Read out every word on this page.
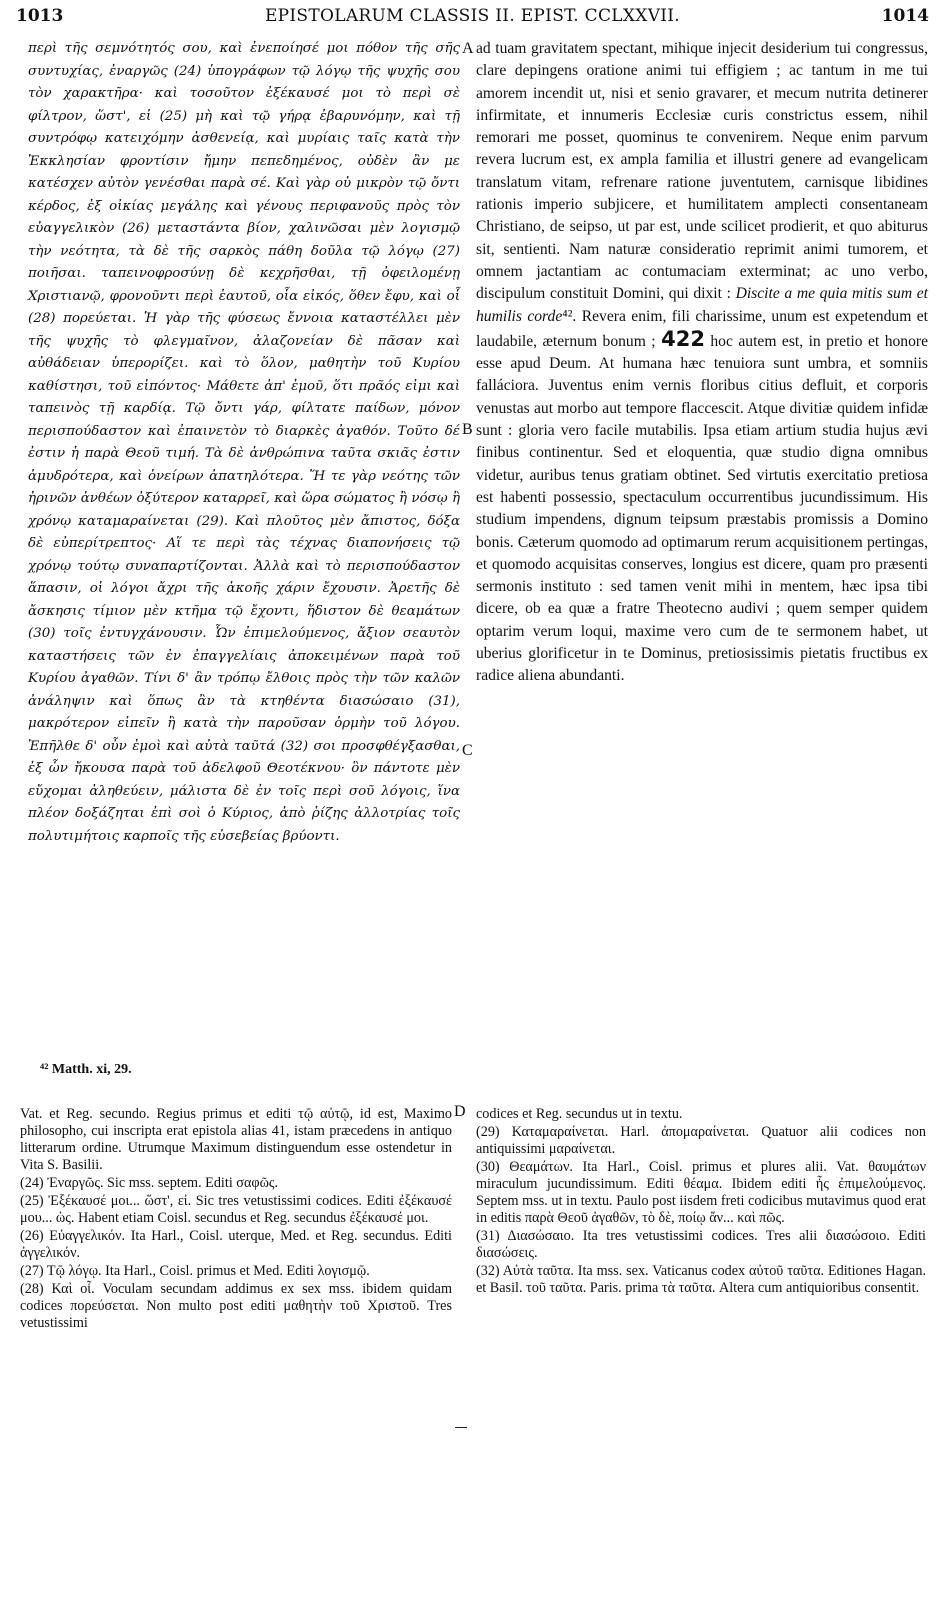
1013	EPISTOLARUM CLASSIS II. EPIST. CCLXXVII.	1014

περὶ τῆς σεμνότητός σου, καὶ ἐνεποίησέ μοι πόθον τῆς σῆς συντυχίας, ἐναργῶς (24) ὑπογράφων τῷ λόγῳ τῆς ψυχῆς σου τὸν χαρακτῆρα· καὶ τοσοῦτον ἐξέκαυσέ μοι τὸ περὶ σὲ φίλτρον, ὥστ', εἰ (25) μὴ καὶ τῷ γήρᾳ ἐβαρυνόμην, καὶ τῇ συντρόφῳ κατειχόμην ἀσθενείᾳ, καὶ μυρίαις ταῖς κατὰ τὴν Ἐκκλησίαν φροντίσιν ἤμην πεπεδημένος, οὐδὲν ἂν με κατέσχεν αὐτὸν γενέσθαι παρὰ σέ. Καὶ γὰρ οὐ μικρὸν τῷ ὄντι κέρδος, ἐξ οἰκίας μεγάλης καὶ γένους περιφανοῦς πρὸς τὸν εὐαγγελικὸν (26) μεταστάντα βίον, χαλινῶσαι μὲν λογισμῷ τὴν νεότητα, τὰ δὲ τῆς σαρκὸς πάθη δοῦλα τῷ λόγῳ (27) ποιῆσαι. ταπεινοφροσύνῃ δὲ κεχρῆσθαι, τῇ ὀφειλομένῃ Χριστιανῷ, φρονοῦντι περὶ ἑαυτοῦ, οἷα εἰκός, ὅθεν ἔφυ, καὶ οἷ (28) πορεύεται. Ἡ γὰρ τῆς φύσεως ἔννοια καταστέλλει μὲν τῆς ψυχῆς τὸ φλεγμαῖνον, ἀλαζονείαν δὲ πᾶσαν καὶ αὐθάδειαν ὑπερορίζει. καὶ τὸ ὅλον, μαθητὴν τοῦ Κυρίου καθίστησι, τοῦ εἰπόντος· Μάθετε ἀπ' ἐμοῦ, ὅτι πρᾶός εἰμι καὶ ταπεινὸς τῇ καρδίᾳ. Τῷ ὄντι γάρ, φίλτατε παίδων, μόνον περισπούδαστον καὶ ἐπαινετὸν τὸ διαρκὲς ἀγαθόν. Τοῦτο δέ ἐστιν ἡ παρὰ Θεοῦ τιμή. Τὰ δὲ ἀνθρώπινα ταῦτα σκιᾶς ἐστιν ἀμυδρότερα, καὶ ὀνείρων ἀπατηλότερα. Ἥ τε γὰρ νεότης τῶν ἠρινῶν ἀνθέων ὀξύτερον καταρρεῖ, καὶ ὥρα σώματος ἢ νόσῳ ἢ χρόνῳ καταμαραίνεται (29). Καὶ πλοῦτος μὲν ἄπιστος, δόξα δὲ εὐπερίτρεπτος· Αἵ τε περὶ τὰς τέχνας διαπονήσεις τῷ χρόνῳ τούτῳ συναπαρτίζονται. Ἀλλὰ καὶ τὸ περισπούδαστον ἅπασιν, οἱ λόγοι ἄχρι τῆς ἀκοῆς χάριν ἔχουσιν. Ἀρετῆς δὲ ἄσκησις τίμιον μὲν κτῆμα τῷ ἔχοντι, ἥδιστον δὲ θεαμάτων (30) τοῖς ἐντυγχάνουσιν. Ὧν ἐπιμελούμενος, ἄξιον σεαυτὸν καταστήσεις τῶν ἐν ἐπαγγελίαις ἀποκειμένων παρὰ τοῦ Κυρίου ἀγαθῶν. Τίνι δ' ἂν τρόπῳ ἔλθοις πρὸς τὴν τῶν καλῶν ἀνάληψιν καὶ ὅπως ἂν τὰ κτηθέντα διασώσαιο (31), μακρότερον εἰπεῖν ἢ κατὰ τὴν παροῦσαν ὁρμὴν τοῦ λόγου. Ἐπῆλθε δ' οὖν ἐμοὶ καὶ αὐτὰ ταῦτά (32) σοι προσφθέγξασθαι, ἐξ ὧν ἤκουσα παρὰ τοῦ ἀδελφοῦ Θεοτέκνου· ὃν πάντοτε μὲν εὔχομαι ἀληθεύειν, μάλιστα δὲ ἐν τοῖς περὶ σοῦ λόγοις, ἵνα πλέον δοξάζηται ἐπὶ σοὶ ὁ Κύριος, ἀπὸ ῥίζης ἀλλοτρίας τοῖς πολυτιμήτοις καρποῖς τῆς εὐσεβείας βρύοντι.

A
B
C
D

ad tuam gravitatem spectant, mihique injecit desiderium tui congressus, clare depingens oratione animi tui effigiem ; ac tantum in me tui amorem incendit ut, nisi et senio gravarer, et mecum nutrita detinerer infirmitate, et innumeris Ecclesiæ curis constrictus essem, nihil remorari me posset, quominus te convenirem. Neque enim parvum revera lucrum est, ex ampla familia et illustri genere ad evangelicam translatum vitam, refrenare ratione juventutem, carnisque libidines rationis imperio subjicere, et humilitatem amplecti consentaneam Christiano, de seipso, ut par est, unde scilicet prodierit, et quo abiturus sit, sentienti. Nam naturæ consideratio reprimit animi tumorem, et omnem jactantiam ac contumaciam exterminat; ac uno verbo, discipulum constituit Domini, qui dixit : Discite a me quia mitis sum et humilis corde⁴². Revera enim, fili charissime, unum est expetendum et laudabile, æternum bonum ; 422 hoc autem est, in pretio et honore esse apud Deum. At humana hæc tenuiora sunt umbra, et somniis falláciora. Juventus enim vernis floribus citius defluit, et corporis venustas aut morbo aut tempore flaccescit. Atque divitiæ quidem infidæ sunt : gloria vero facile mutabilis. Ipsa etiam artium studia hujus ævi finibus continentur. Sed et eloquentia, quæ studio digna omnibus videtur, auribus tenus gratiam obtinet. Sed virtutis exercitatio pretiosa est habenti possessio, spectaculum occurrentibus jucundissimum. His studium impendens, dignum teipsum præstabis promissis a Domino bonis. Cæterum quomodo ad optimarum rerum acquisitionem pertingas, et quomodo acquisitas conserves, longius est dicere, quam pro præsenti sermonis instituto : sed tamen venit mihi in mentem, hæc ipsa tibi dicere, ob ea quæ a fratre Theotecno audivi ; quem semper quidem optarim verum loqui, maxime vero cum de te sermonem habet, ut uberius glorificetur in te Dominus, pretiosissimis pietatis fructibus ex radice aliena abundanti.

⁴² Matth. xi, 29.

Vat. et Reg. secundo. Regius primus et editi τῷ αὐτῷ, id est, Maximo philosopho, cui inscripta erat epistola alias 41, istam præcedens in antiquo litterarum ordine. Utrumque Maximum distinguendum esse ostendetur in Vita S. Basilii.

(24) Ἐναργῶς. Sic mss. septem. Editi σαφῶς.

(25) Ἐξέκαυσέ μοι... ὥστ', εἰ. Sic tres vetustissimi codices. Editi ἐξέκαυσέ μου... ὡς. Habent etiam Coisl. secundus et Reg. secundus ἐξέκαυσέ μοι.

(26) Εὐαγγελικόν. Ita Harl., Coisl. uterque, Med. et Reg. secundus. Editi ἀγγελικόν.

(27) Τῷ λόγῳ. Ita Harl., Coisl. primus et Med. Editi λογισμῷ.

(28) Καὶ οἷ. Voculam secundam addimus ex sex mss. ibidem quidam codices πορεύσεται. Non multo post editi μαθητὴν τοῦ Χριστοῦ. Tres vetustissimi

codices et Reg. secundus ut in textu.

(29) Καταμαραίνεται. Harl. ἀπομαραίνεται. Quatuor alii codices non antiquissimi μαραίνεται.

(30) Θεαμάτων. Ita Harl., Coisl. primus et plures alii. Vat. θαυμάτων miraculum jucundissimum. Editi θέαμα. Ibidem editi ἧς ἐπιμελούμενος. Septem mss. ut in textu. Paulo post iisdem freti codicibus mutavimus quod erat in editis παρὰ Θεοῦ ἀγαθῶν, τὸ δὲ, ποίῳ ἄν... καὶ πῶς.

(31) Διασώσαιο. Ita tres vetustissimi codices. Tres alii διασώσοιο. Editi διασώσεις.

(32) Αὐτὰ ταῦτα. Ita mss. sex. Vaticanus codex αὐτοῦ ταῦτα. Editiones Hagan. et Basil. τοῦ ταῦτα. Paris. prima τὰ ταῦτα. Altera cum antiquioribus consentit.
